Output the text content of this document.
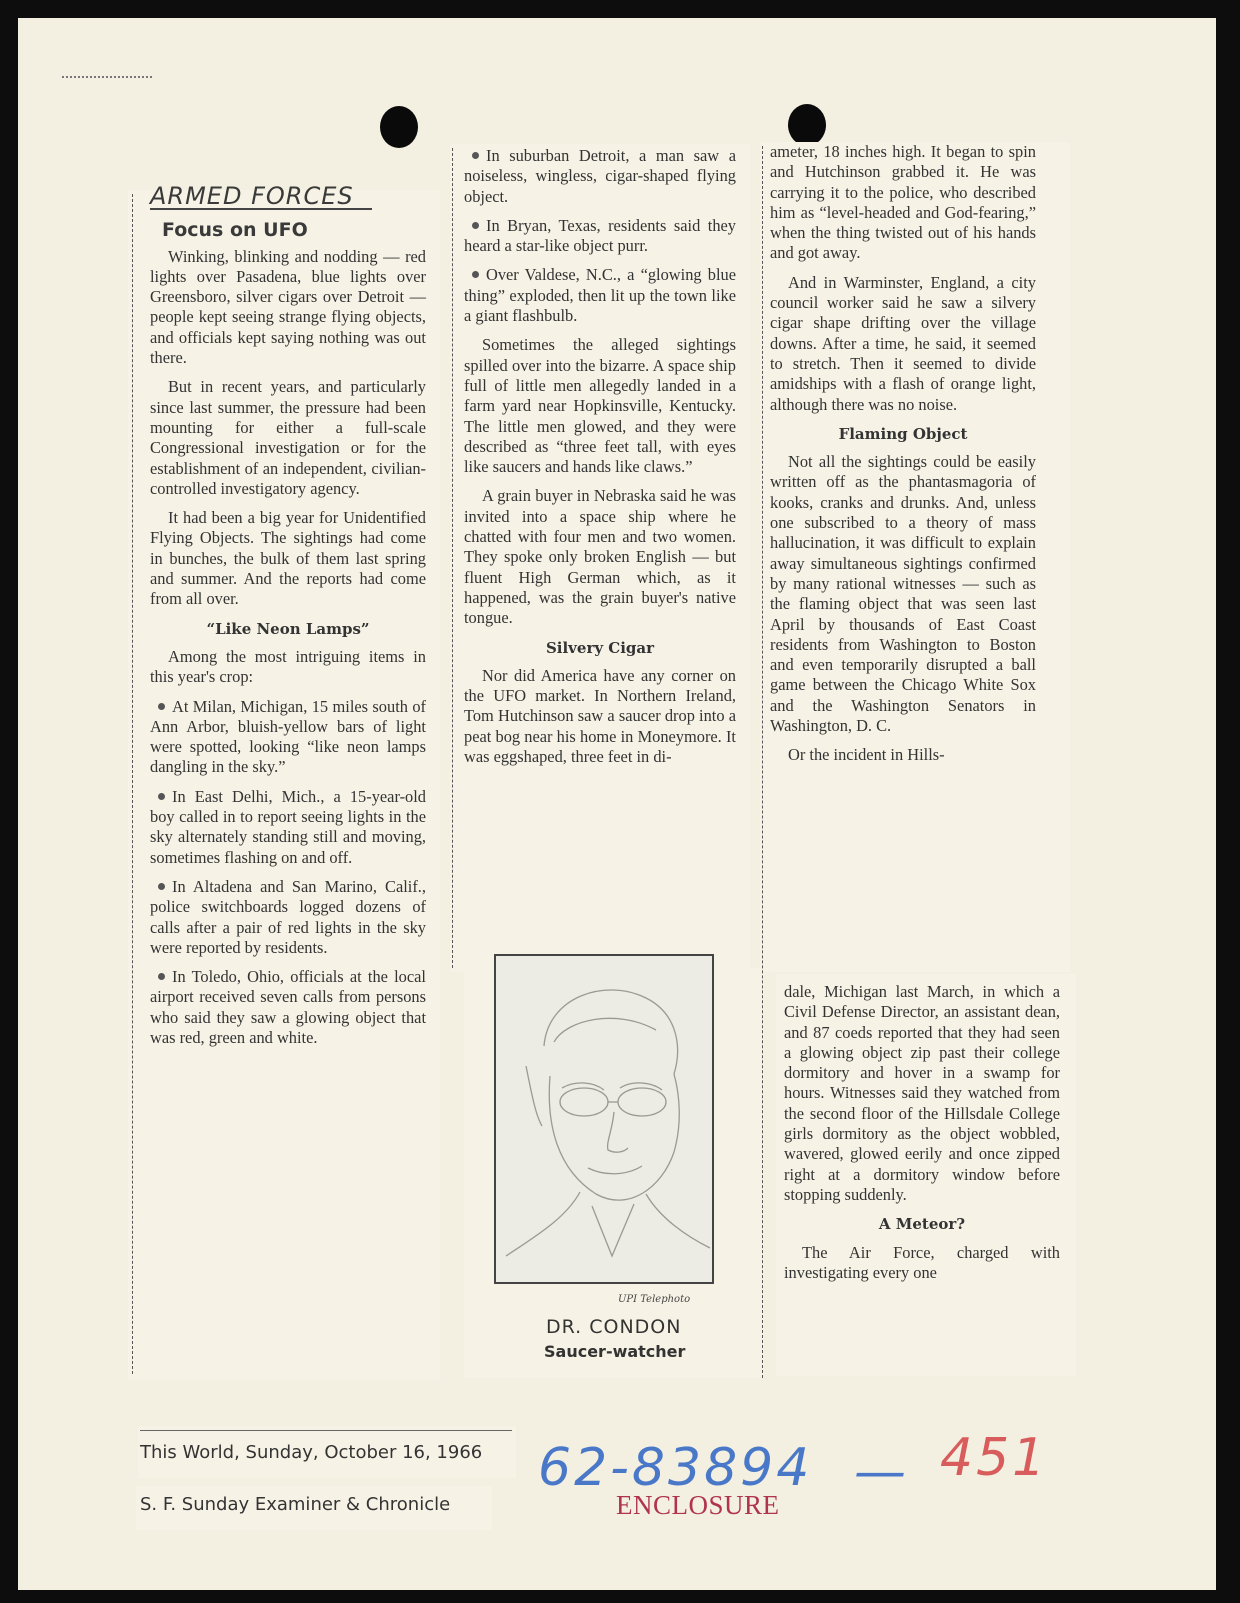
ARMED FORCES
Focus on UFO

Winking, blinking and nodding — red lights over Pasadena, blue lights over Greensboro, silver cigars over Detroit — people kept seeing strange flying objects, and officials kept saying nothing was out there.

But in recent years, and particularly since last summer, the pressure had been mounting for either a full-scale Congressional investigation or for the establishment of an independent, civilian-controlled investigatory agency.

It had been a big year for Unidentified Flying Objects. The sightings had come in bunches, the bulk of them last spring and summer. And the reports had come from all over.

“Like Neon Lamps”

Among the most intriguing items in this year's crop:

At Milan, Michigan, 15 miles south of Ann Arbor, bluish-yellow bars of light were spotted, looking “like neon lamps dangling in the sky.”

In East Delhi, Mich., a 15-year-old boy called in to report seeing lights in the sky alternately standing still and moving, sometimes flashing on and off.

In Altadena and San Marino, Calif., police switchboards logged dozens of calls after a pair of red lights in the sky were reported by residents.

In Toledo, Ohio, officials at the local airport received seven calls from persons who said they saw a glowing object that was red, green and white.

In suburban Detroit, a man saw a noiseless, wingless, cigar-shaped flying object.

In Bryan, Texas, residents said they heard a star-like object purr.

Over Valdese, N.C., a “glowing blue thing” exploded, then lit up the town like a giant flashbulb.

Sometimes the alleged sightings spilled over into the bizarre. A space ship full of little men allegedly landed in a farm yard near Hopkinsville, Kentucky. The little men glowed, and they were described as “three feet tall, with eyes like saucers and hands like claws.”

A grain buyer in Nebraska said he was invited into a space ship where he chatted with four men and two women. They spoke only broken English — but fluent High German which, as it happened, was the grain buyer's native tongue.

Silvery Cigar

Nor did America have any corner on the UFO market. In Northern Ireland, Tom Hutchinson saw a saucer drop into a peat bog near his home in Moneymore. It was eggshaped, three feet in di-

UPI Telephoto
DR. CONDON
Saucer-watcher

ameter, 18 inches high. It began to spin and Hutchinson grabbed it. He was carrying it to the police, who described him as “level-headed and God-fearing,” when the thing twisted out of his hands and got away.

And in Warminster, England, a city council worker said he saw a silvery cigar shape drifting over the village downs. After a time, he said, it seemed to stretch. Then it seemed to divide amidships with a flash of orange light, although there was no noise.

Flaming Object

Not all the sightings could be easily written off as the phantasmagoria of kooks, cranks and drunks. And, unless one subscribed to a theory of mass hallucination, it was difficult to explain away simultaneous sightings confirmed by many rational witnesses — such as the flaming object that was seen last April by thousands of East Coast residents from Washington to Boston and even temporarily disrupted a ball game between the Chicago White Sox and the Washington Senators in Washington, D. C.

Or the incident in Hills-

dale, Michigan last March, in which a Civil Defense Director, an assistant dean, and 87 coeds reported that they had seen a glowing object zip past their college dormitory and hover in a swamp for hours. Witnesses said they watched from the second floor of the Hillsdale College girls dormitory as the object wobbled, wavered, glowed eerily and once zipped right at a dormitory window before stopping suddenly.

A Meteor?

The Air Force, charged with investigating every one

This World, Sunday, October 16, 1966
S. F. Sunday Examiner & Chronicle
62-83894 — 451
ENCLOSURE
